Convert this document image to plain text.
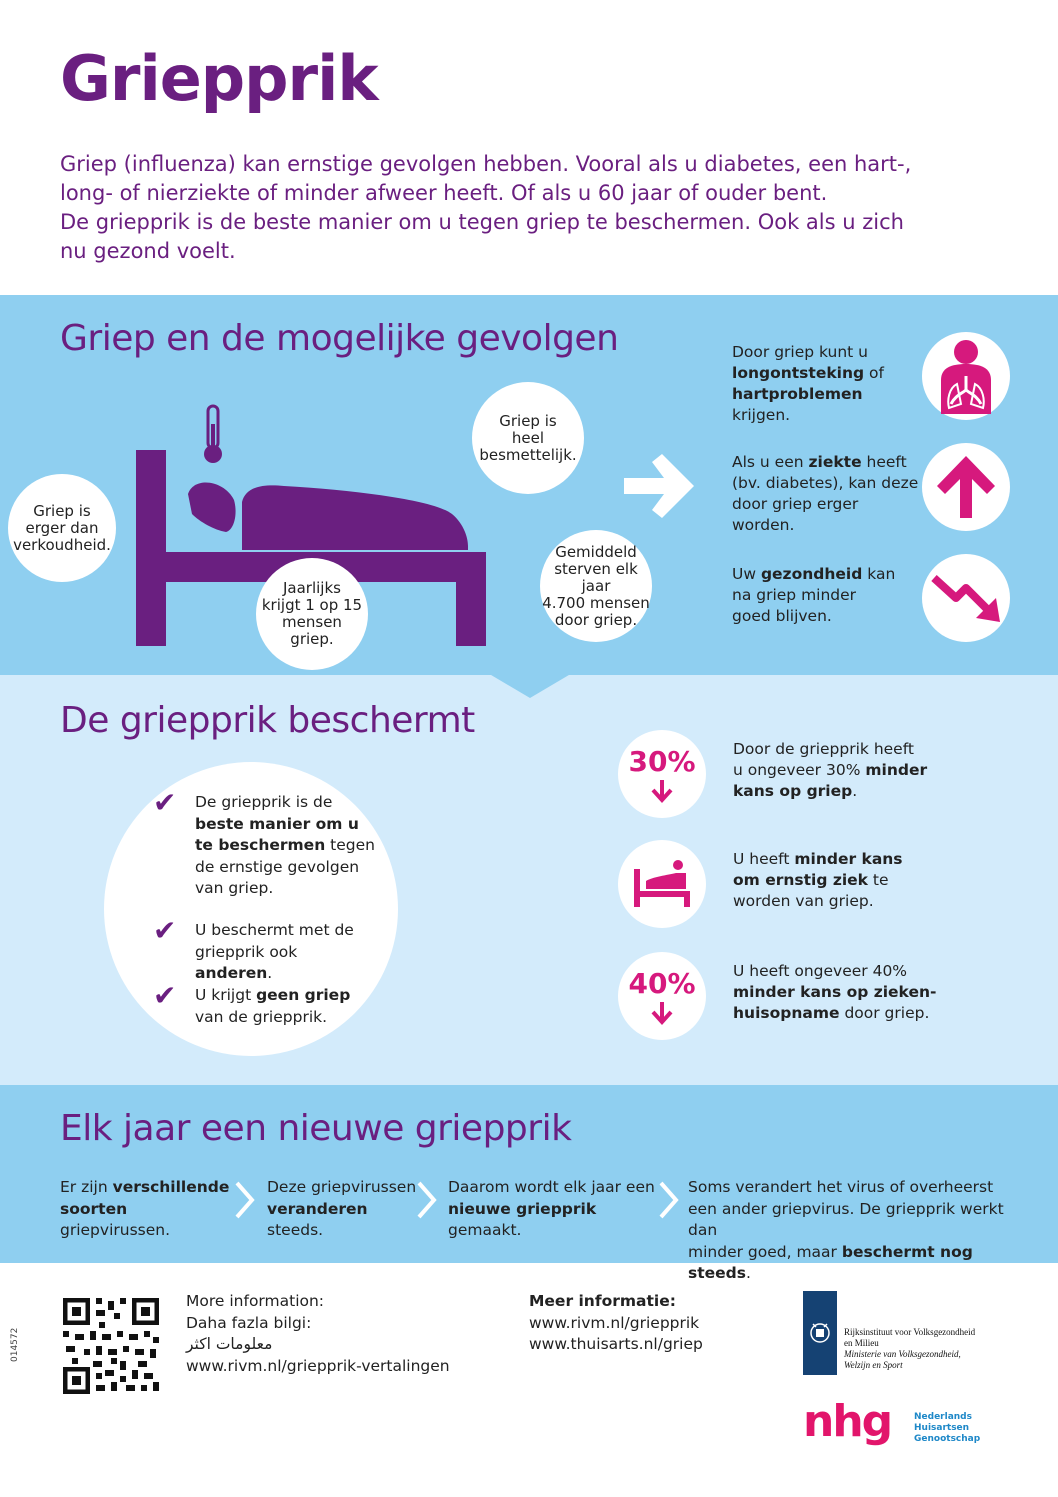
Griepprik
Griep (influenza) kan ernstige gevolgen hebben. Vooral als u diabetes, een hart-,
long- of nierziekte of minder afweer heeft. Of als u 60 jaar of ouder bent.
De griepprik is de beste manier om u tegen griep te beschermen. Ook als u zich
nu gezond voelt.
Griep en de mogelijke gevolgen
Griep is
erger dan
verkoudheid.
Griep is
heel
besmettelijk.
Jaarlijks
krijgt 1 op 15
mensen
griep.
Gemiddeld
sterven elk jaar
4.700 mensen
door griep.
Door griep kunt u
longontsteking of
hartproblemen krijgen.
Als u een ziekte heeft
(bv. diabetes), kan deze
door griep erger worden.
Uw gezondheid kan
na griep minder
goed blijven.
De griepprik beschermt
✔ De griepprik is de
beste manier om u
te beschermen tegen
de ernstige gevolgen
van griep.
✔ U beschermt met de
griepprik ook anderen.
✔ U krijgt geen griep
van de griepprik.
30% Door de griepprik heeft
u ongeveer 30% minder
kans op griep.
U heeft minder kans
om ernstig ziek te
worden van griep.
40% U heeft ongeveer 40%
minder kans op zieken-
huisopname door griep.
Elk jaar een nieuwe griepprik
Er zijn verschillende
soorten griepvirussen.
Deze griepvirussen
veranderen steeds.
Daarom wordt elk jaar een
nieuwe griepprik gemaakt.
Soms verandert het virus of overheerst
een ander griepvirus. De griepprik werkt dan
minder goed, maar beschermt nog steeds.
014572
More information:
Daha fazla bilgi:
معلومات اكثر
www.rivm.nl/griepprik-vertalingen
Meer informatie:
www.rivm.nl/griepprik
www.thuisarts.nl/griep
Rijksinstituut voor Volksgezondheid
en Milieu
Ministerie van Volksgezondheid,
Welzijn en Sport
nhg	Nederlands
Huisartsen
Genootschap
